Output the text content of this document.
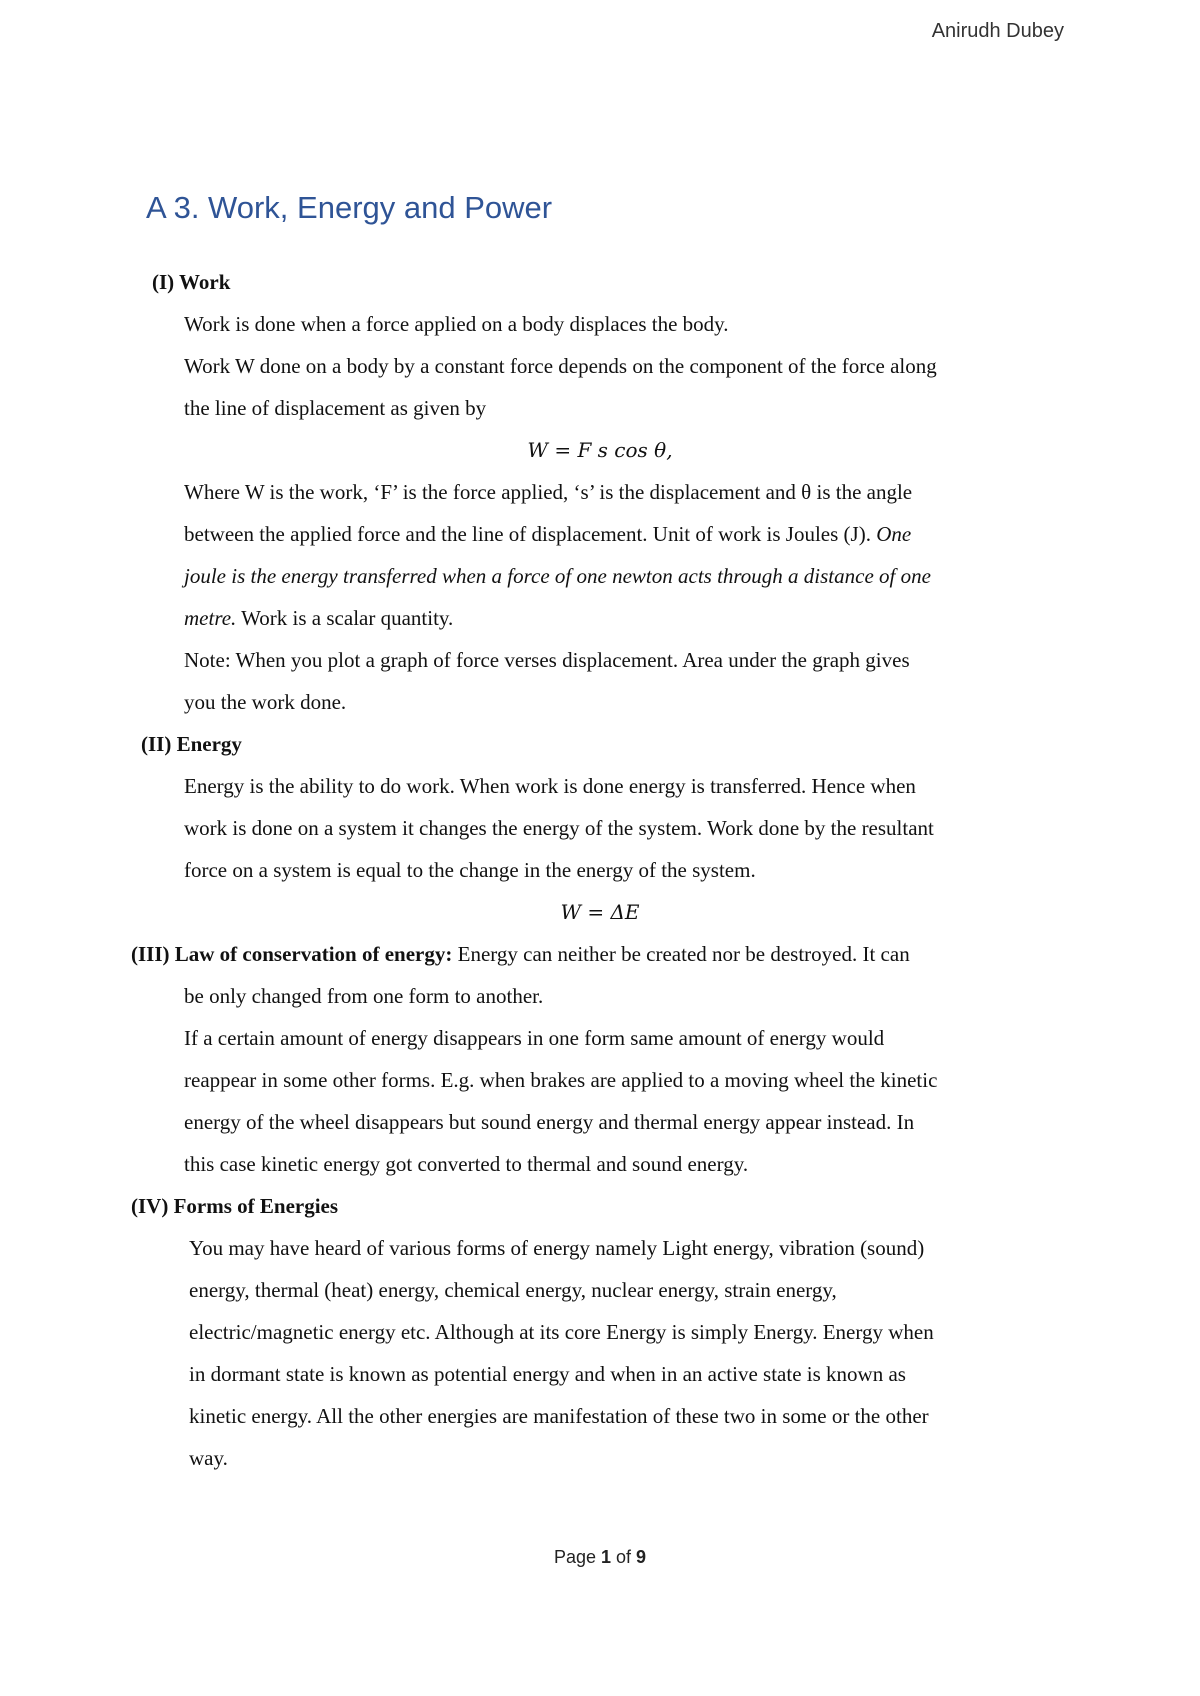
Anirudh Dubey
A 3. Work, Energy and Power
(I) Work
Work is done when a force applied on a body displaces the body.
Work W done on a body by a constant force depends on the component of the force along
the line of displacement as given by
W = F s cos θ,
Where W is the work, ‘F’ is the force applied, ‘s’ is the displacement and θ is the angle
between the applied force and the line of displacement. Unit of work is Joules (J). One
joule is the energy transferred when a force of one newton acts through a distance of one
metre. Work is a scalar quantity.
Note: When you plot a graph of force verses displacement. Area under the graph gives
you the work done.
(II) Energy
Energy is the ability to do work. When work is done energy is transferred. Hence when
work is done on a system it changes the energy of the system. Work done by the resultant
force on a system is equal to the change in the energy of the system.
W = ΔE
(III) Law of conservation of energy: Energy can neither be created nor be destroyed. It can
be only changed from one form to another.
If a certain amount of energy disappears in one form same amount of energy would
reappear in some other forms. E.g. when brakes are applied to a moving wheel the kinetic
energy of the wheel disappears but sound energy and thermal energy appear instead. In
this case kinetic energy got converted to thermal and sound energy.
(IV) Forms of Energies
You may have heard of various forms of energy namely Light energy, vibration (sound)
energy, thermal (heat) energy, chemical energy, nuclear energy, strain energy,
electric/magnetic energy etc. Although at its core Energy is simply Energy. Energy when
in dormant state is known as potential energy and when in an active state is known as
kinetic energy. All the other energies are manifestation of these two in some or the other
way.
Page 1 of 9
